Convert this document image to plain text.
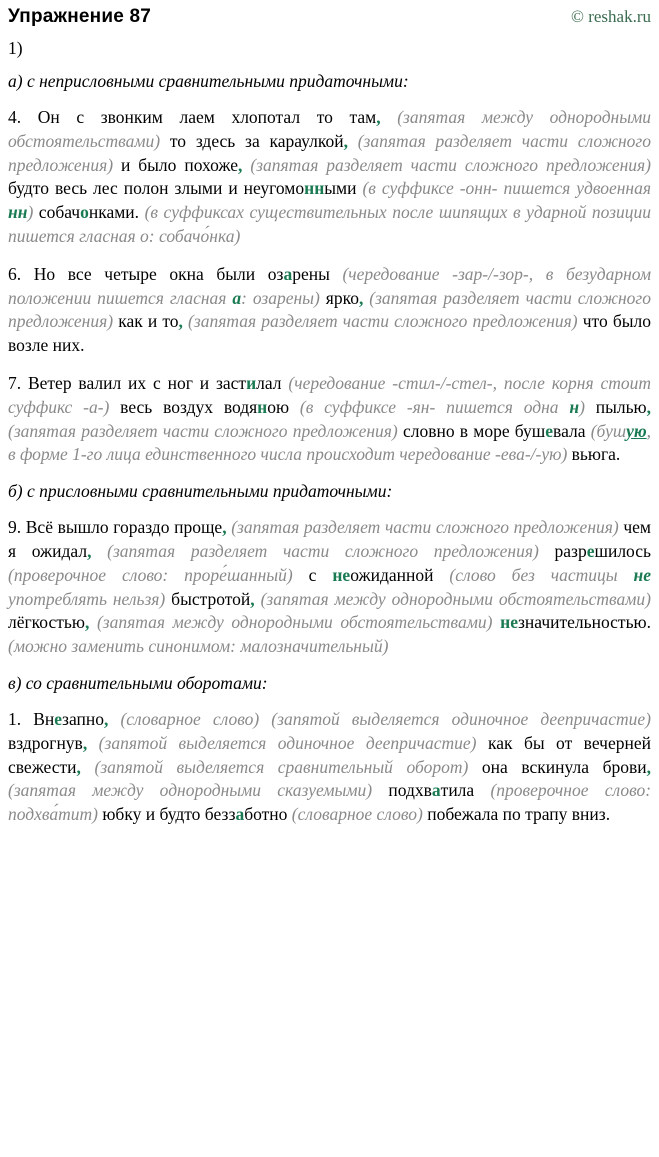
Упражнение 87	© reshak.ru
1)
а) с неприсловными сравнительными придаточными:
4. Он с звонким лаем хлопотал то там, (запятая между однородными обстоятельствами) то здесь за караулкой, (запятая разделяет части сложного предложения) и было похоже, (запятая разделяет части сложного предложения) будто весь лес полон злыми и неугомонными (в суффиксе -онн- пишется удвоенная нн) собачонками. (в суффиксах существительных после шипящих в ударной позиции пишется гласная о: собачо́нка)
6. Но все четыре окна были озарены (чередование -зар-/-зор-, в безударном положении пишется гласная а: озарены) ярко, (запятая разделяет части сложного предложения) как и то, (запятая разделяет части сложного предложения) что было возле них.
7. Ветер валил их с ног и застилал (чередование -стил-/-стел-, после корня стоит суффикс -а-) весь воздух водяною (в суффиксе -ян- пишется одна н) пылью, (запятая разделяет части сложного предложения) словно в море бушевала (бушую, в форме 1-го лица единственного числа происходит чередование -ева-/-ую) вьюга.
б) с присловными сравнительными придаточными:
9. Всё вышло гораздо проще, (запятая разделяет части сложного предложения) чем я ожидал, (запятая разделяет части сложного предложения) разрешилось (проверочное слово: проре́шанный) с неожиданной (слово без частицы не употреблять нельзя) быстротой, (запятая между однородными обстоятельствами) лёгкостью, (запятая между однородными обстоятельствами) незначительностью. (можно заменить синонимом: малозначительный)
в) со сравнительными оборотами:
1. Внезапно, (словарное слово) (запятой выделяется одиночное деепричастие) вздрогнув, (запятой выделяется одиночное деепричастие) как бы от вечерней свежести, (запятой выделяется сравнительный оборот) она вскинула брови, (запятая между однородными сказуемыми) подхватила (проверочное слово: подхва́тит) юбку и будто беззаботно (словарное слово) побежала по трапу вниз.
